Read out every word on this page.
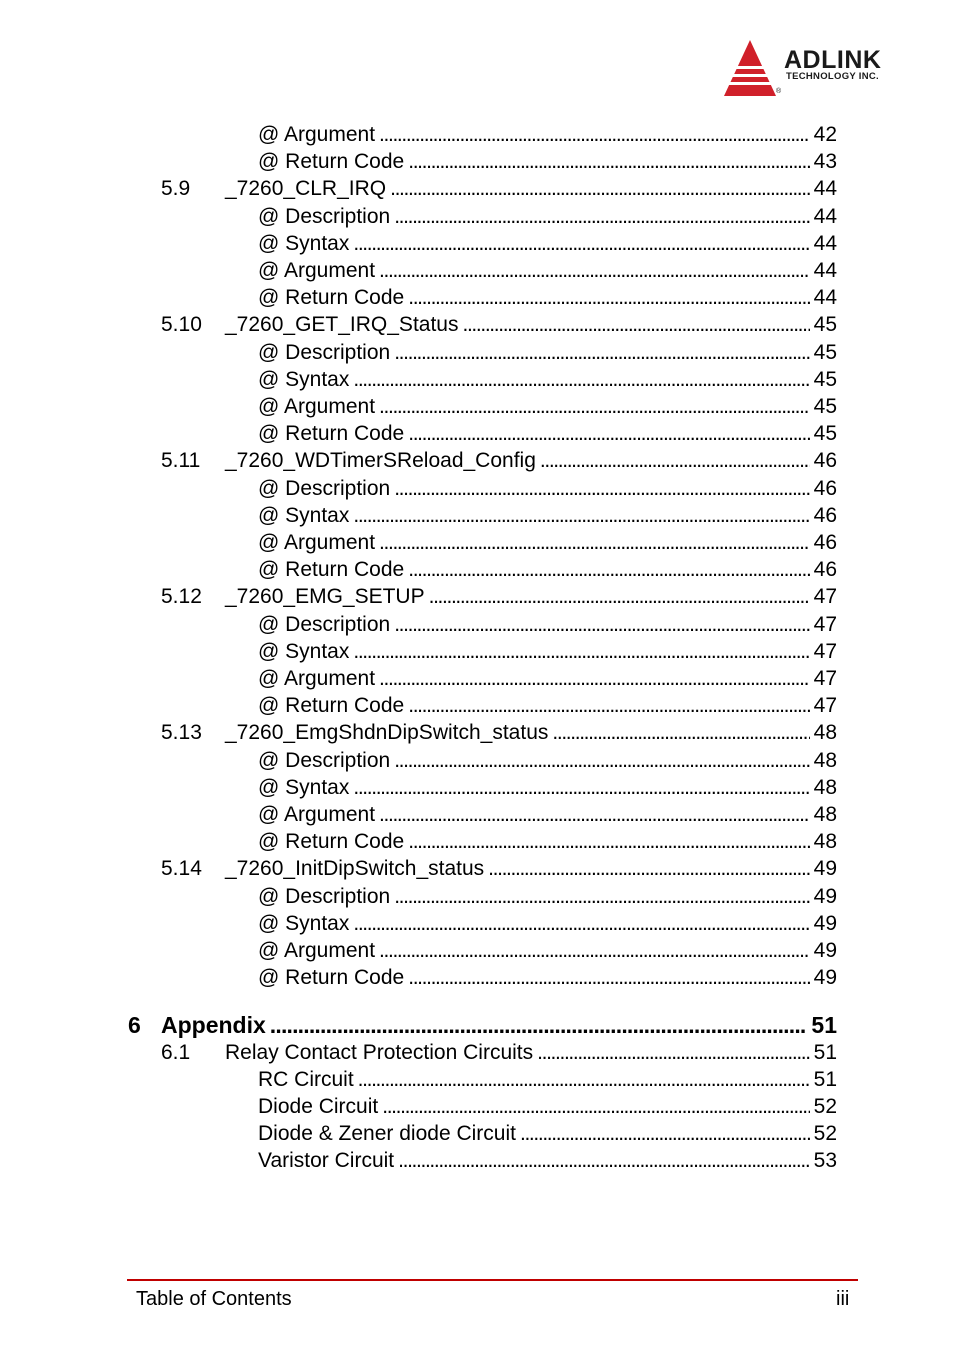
ADLINK
TECHNOLOGY INC.
®
@ Argument . . .	42
@ Return Code . . .	43
5.9 _7260_CLR_IRQ . . .	44
@ Description . . .	44
@ Syntax . . .	44
@ Argument . . .	44
@ Return Code . . .	44
5.10 _7260_GET_IRQ_Status . . .	45
@ Description . . .	45
@ Syntax . . .	45
@ Argument . . .	45
@ Return Code . . .	45
5.11 _7260_WDTimerSReload_Config . . .	46
@ Description . . .	46
@ Syntax . . .	46
@ Argument . . .	46
@ Return Code . . .	46
5.12 _7260_EMG_SETUP . . .	47
@ Description . . .	47
@ Syntax . . .	47
@ Argument . . .	47
@ Return Code . . .	47
5.13 _7260_EmgShdnDipSwitch_status . . .	48
@ Description . . .	48
@ Syntax . . .	48
@ Argument . . .	48
@ Return Code . . .	48
5.14 _7260_InitDipSwitch_status . . .	49
@ Description . . .	49
@ Syntax . . .	49
@ Argument . . .	49
@ Return Code . . .	49
6 Appendix . . .	51
6.1 Relay Contact Protection Circuits . . .	51
RC Circuit . . .	51
Diode Circuit . . .	52
Diode & Zener diode Circuit . . .	52
Varistor Circuit . . .	53
Table of Contents	iii
